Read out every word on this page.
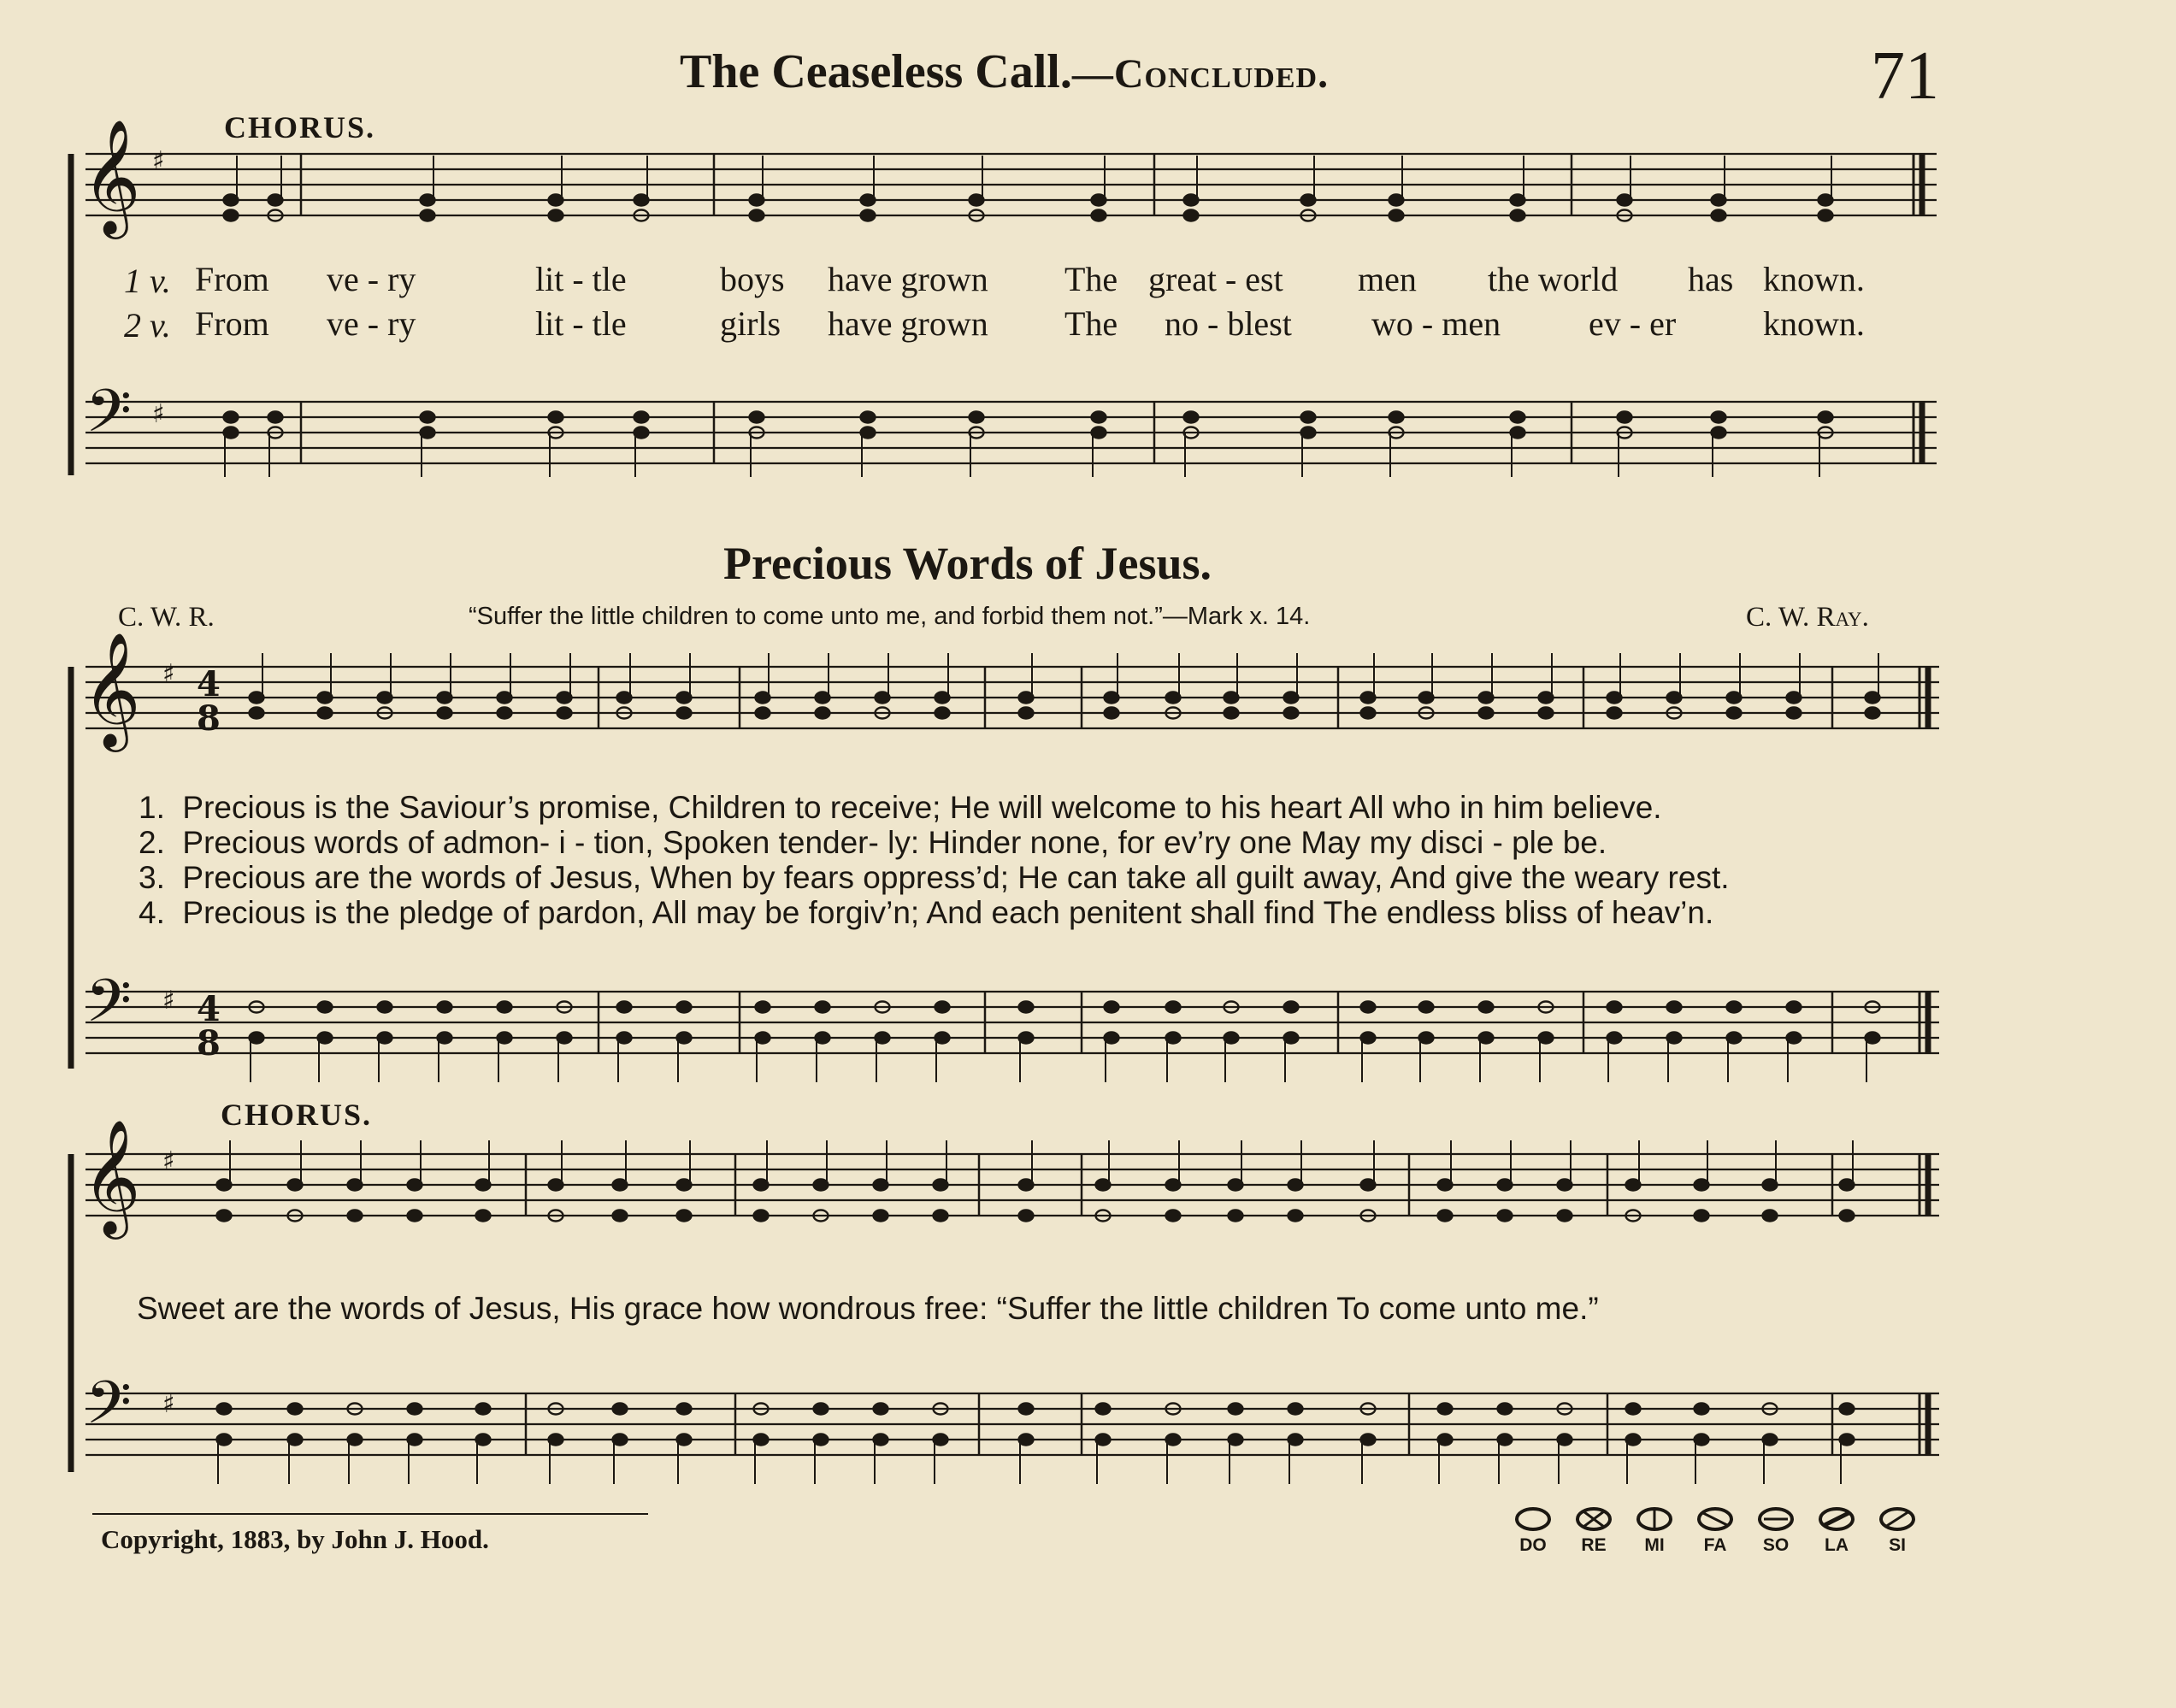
The Ceaseless Call.—Concluded.	71
CHORUS.
1 v. From ve - ry	lit - tle	boys have grown The great - est men the world has known.
2 v. From ve - ry	lit - tle	girls have grown The no - blest wo - men	ev - er	known.
Precious Words of Jesus.
C. W. R.	“Suffer the little children to come unto me, and forbid them not.”—Mark x. 14.	C. W. Ray.
1. Precious is the Saviour’s promise, Children to receive; He will welcome to his heart All who in him believe.
2. Precious words of admon- i - tion, Spoken tender- ly: Hinder none, for ev’ry one May my disci - ple be.
3. Precious are the words of Jesus, When by fears oppress’d; He can take all guilt away, And give the weary rest.
4. Precious is the pledge of pardon, All may be forgiv’n; And each penitent shall find The endless bliss of heav’n.
CHORUS.
Sweet are the words of Jesus, His grace how wondrous free: “Suffer the little children To come unto me.”
Copyright, 1883, by John J. Hood.	DO	RE	MI	FA	SO	LA	SI
𝄞
𝄢
♯
♯
𝄞
𝄢
♯
♯
4
8
4
8
𝄞
𝄢
♯
♯
